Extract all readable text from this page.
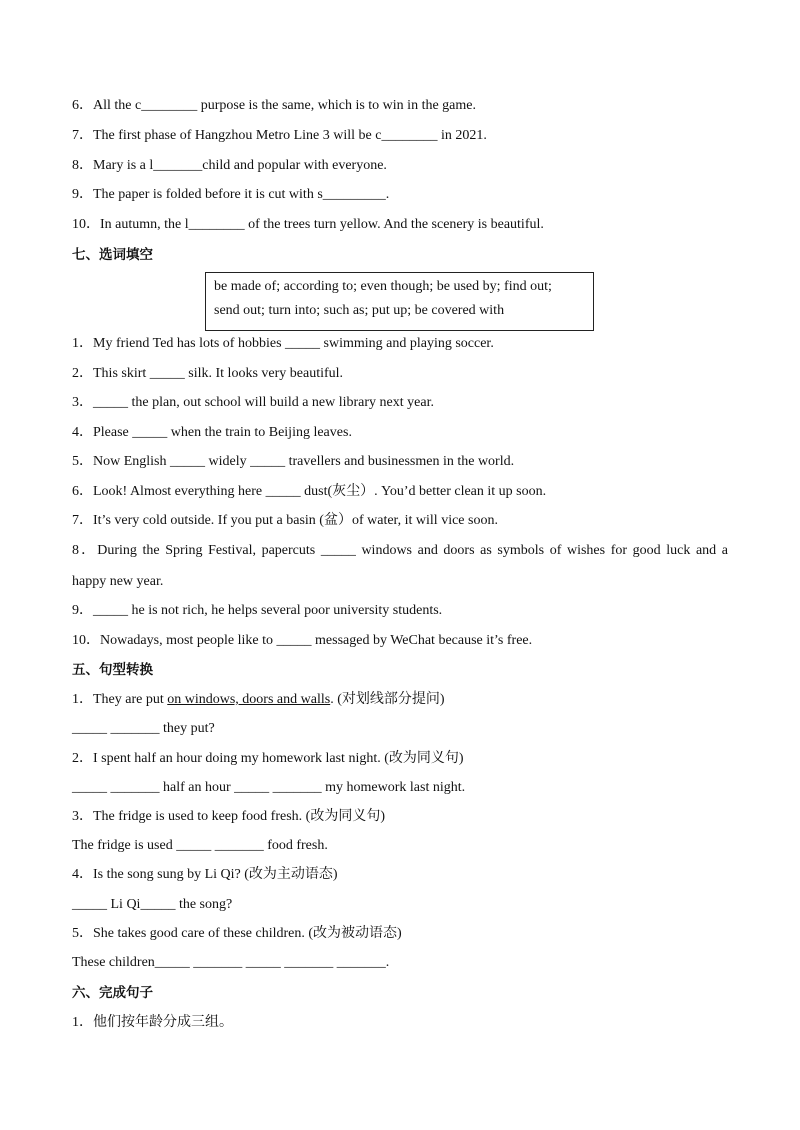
6．All the c________ purpose is the same, which is to win in the game.
7．The first phase of Hangzhou Metro Line 3 will be c________ in 2021.
8．Mary is a l_______child and popular with everyone.
9．The paper is folded before it is cut with s_________.
10．In autumn, the l________ of the trees turn yellow. And the scenery is beautiful.
七、选词填空
be made of; according to; even though; be used by; find out;
send out; turn into; such as; put up; be covered with
1．My friend Ted has lots of hobbies _____ swimming and playing soccer.
2．This skirt _____ silk. It looks very beautiful.
3．_____ the plan, out school will build a new library next year.
4．Please _____ when the train to Beijing leaves.
5．Now English _____ widely _____ travellers and businessmen in the world.
6．Look! Almost everything here _____ dust(灰尘）. You’d better clean it up soon.
7．It’s very cold outside. If you put a basin (盆）of water, it will vice soon.
8．During the Spring Festival, papercuts _____ windows and doors as symbols of wishes for good luck and a
happy new year.
9．_____ he is not rich, he helps several poor university students.
10．Nowadays, most people like to _____ messaged by WeChat because it’s free.
五、句型转换
1．They are put on windows, doors and walls. (对划线部分提问)
_____ _______ they put?
2．I spent half an hour doing my homework last night. (改为同义句)
_____ _______ half an hour _____ _______ my homework last night.
3．The fridge is used to keep food fresh. (改为同义句)
The fridge is used _____ _______ food fresh.
4．Is the song sung by Li Qi? (改为主动语态)
_____ Li Qi_____ the song?
5．She takes good care of these children. (改为被动语态)
These children_____ _______ _____ _______ _______.
六、完成句子
1．他们按年龄分成三组。
